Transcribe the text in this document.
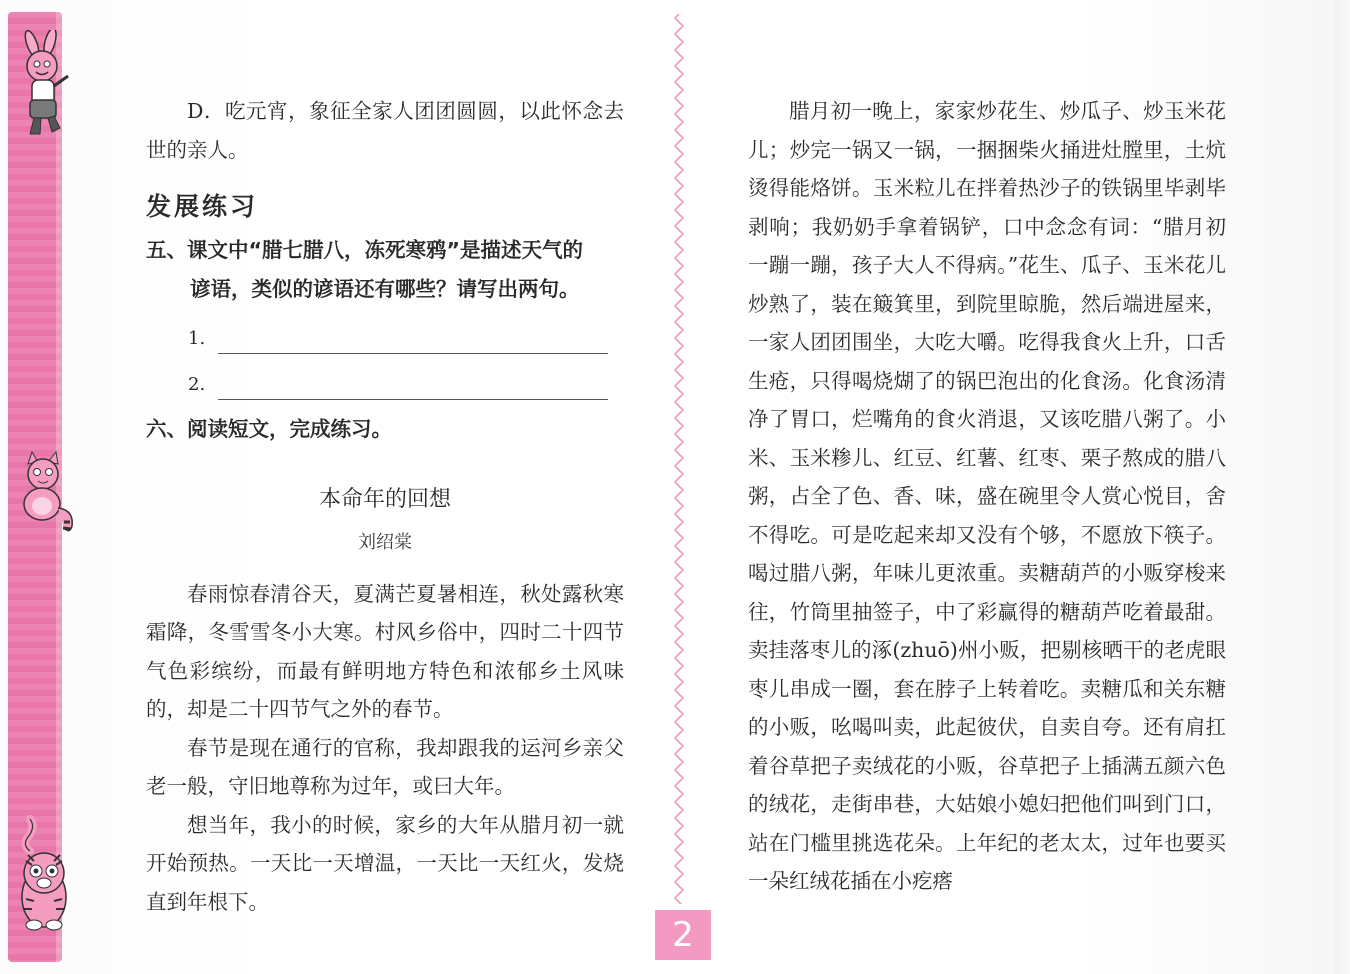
D．吃元宵，象征全家人团团圆圆，以此怀念去世的亲人。

发展练习

五、课文中“腊七腊八，冻死寒鸦”是描述天气的

谚语，类似的谚语还有哪些？请写出两句。

1.
2.

六、阅读短文，完成练习。

本命年的回想
刘绍棠

春雨惊春清谷天，夏满芒夏暑相连，秋处露秋寒霜降，冬雪雪冬小大寒。村风乡俗中，四时二十四节气色彩缤纷，而最有鲜明地方特色和浓郁乡土风味的，却是二十四节气之外的春节。

春节是现在通行的官称，我却跟我的运河乡亲父老一般，守旧地尊称为过年，或曰大年。

想当年，我小的时候，家乡的大年从腊月初一就开始预热。一天比一天增温，一天比一天红火，发烧直到年根下。

腊月初一晚上，家家炒花生、炒瓜子、炒玉米花儿；炒完一锅又一锅，一捆捆柴火捅进灶膛里，土炕烫得能烙饼。玉米粒儿在拌着热沙子的铁锅里毕剥毕剥响；我奶奶手拿着锅铲，口中念念有词：“腊月初一蹦一蹦，孩子大人不得病。”花生、瓜子、玉米花儿炒熟了，装在簸箕里，到院里晾脆，然后端进屋来，一家人团团围坐，大吃大嚼。吃得我食火上升，口舌生疮，只得喝烧煳了的锅巴泡出的化食汤。化食汤清净了胃口，烂嘴角的食火消退，又该吃腊八粥了。小米、玉米糁儿、红豆、红薯、红枣、栗子熬成的腊八粥，占全了色、香、味，盛在碗里令人赏心悦目，舍不得吃。可是吃起来却又没有个够，不愿放下筷子。喝过腊八粥，年味儿更浓重。卖糖葫芦的小贩穿梭来往，竹筒里抽签子，中了彩赢得的糖葫芦吃着最甜。卖挂落枣儿的涿(zhuō)州小贩，把剔核晒干的老虎眼枣儿串成一圈，套在脖子上转着吃。卖糖瓜和关东糖的小贩，吆喝叫卖，此起彼伏，自卖自夸。还有肩扛着谷草把子卖绒花的小贩，谷草把子上插满五颜六色的绒花，走街串巷，大姑娘小媳妇把他们叫到门口，站在门槛里挑选花朵。上年纪的老太太，过年也要买一朵红绒花插在小疙瘩

2
